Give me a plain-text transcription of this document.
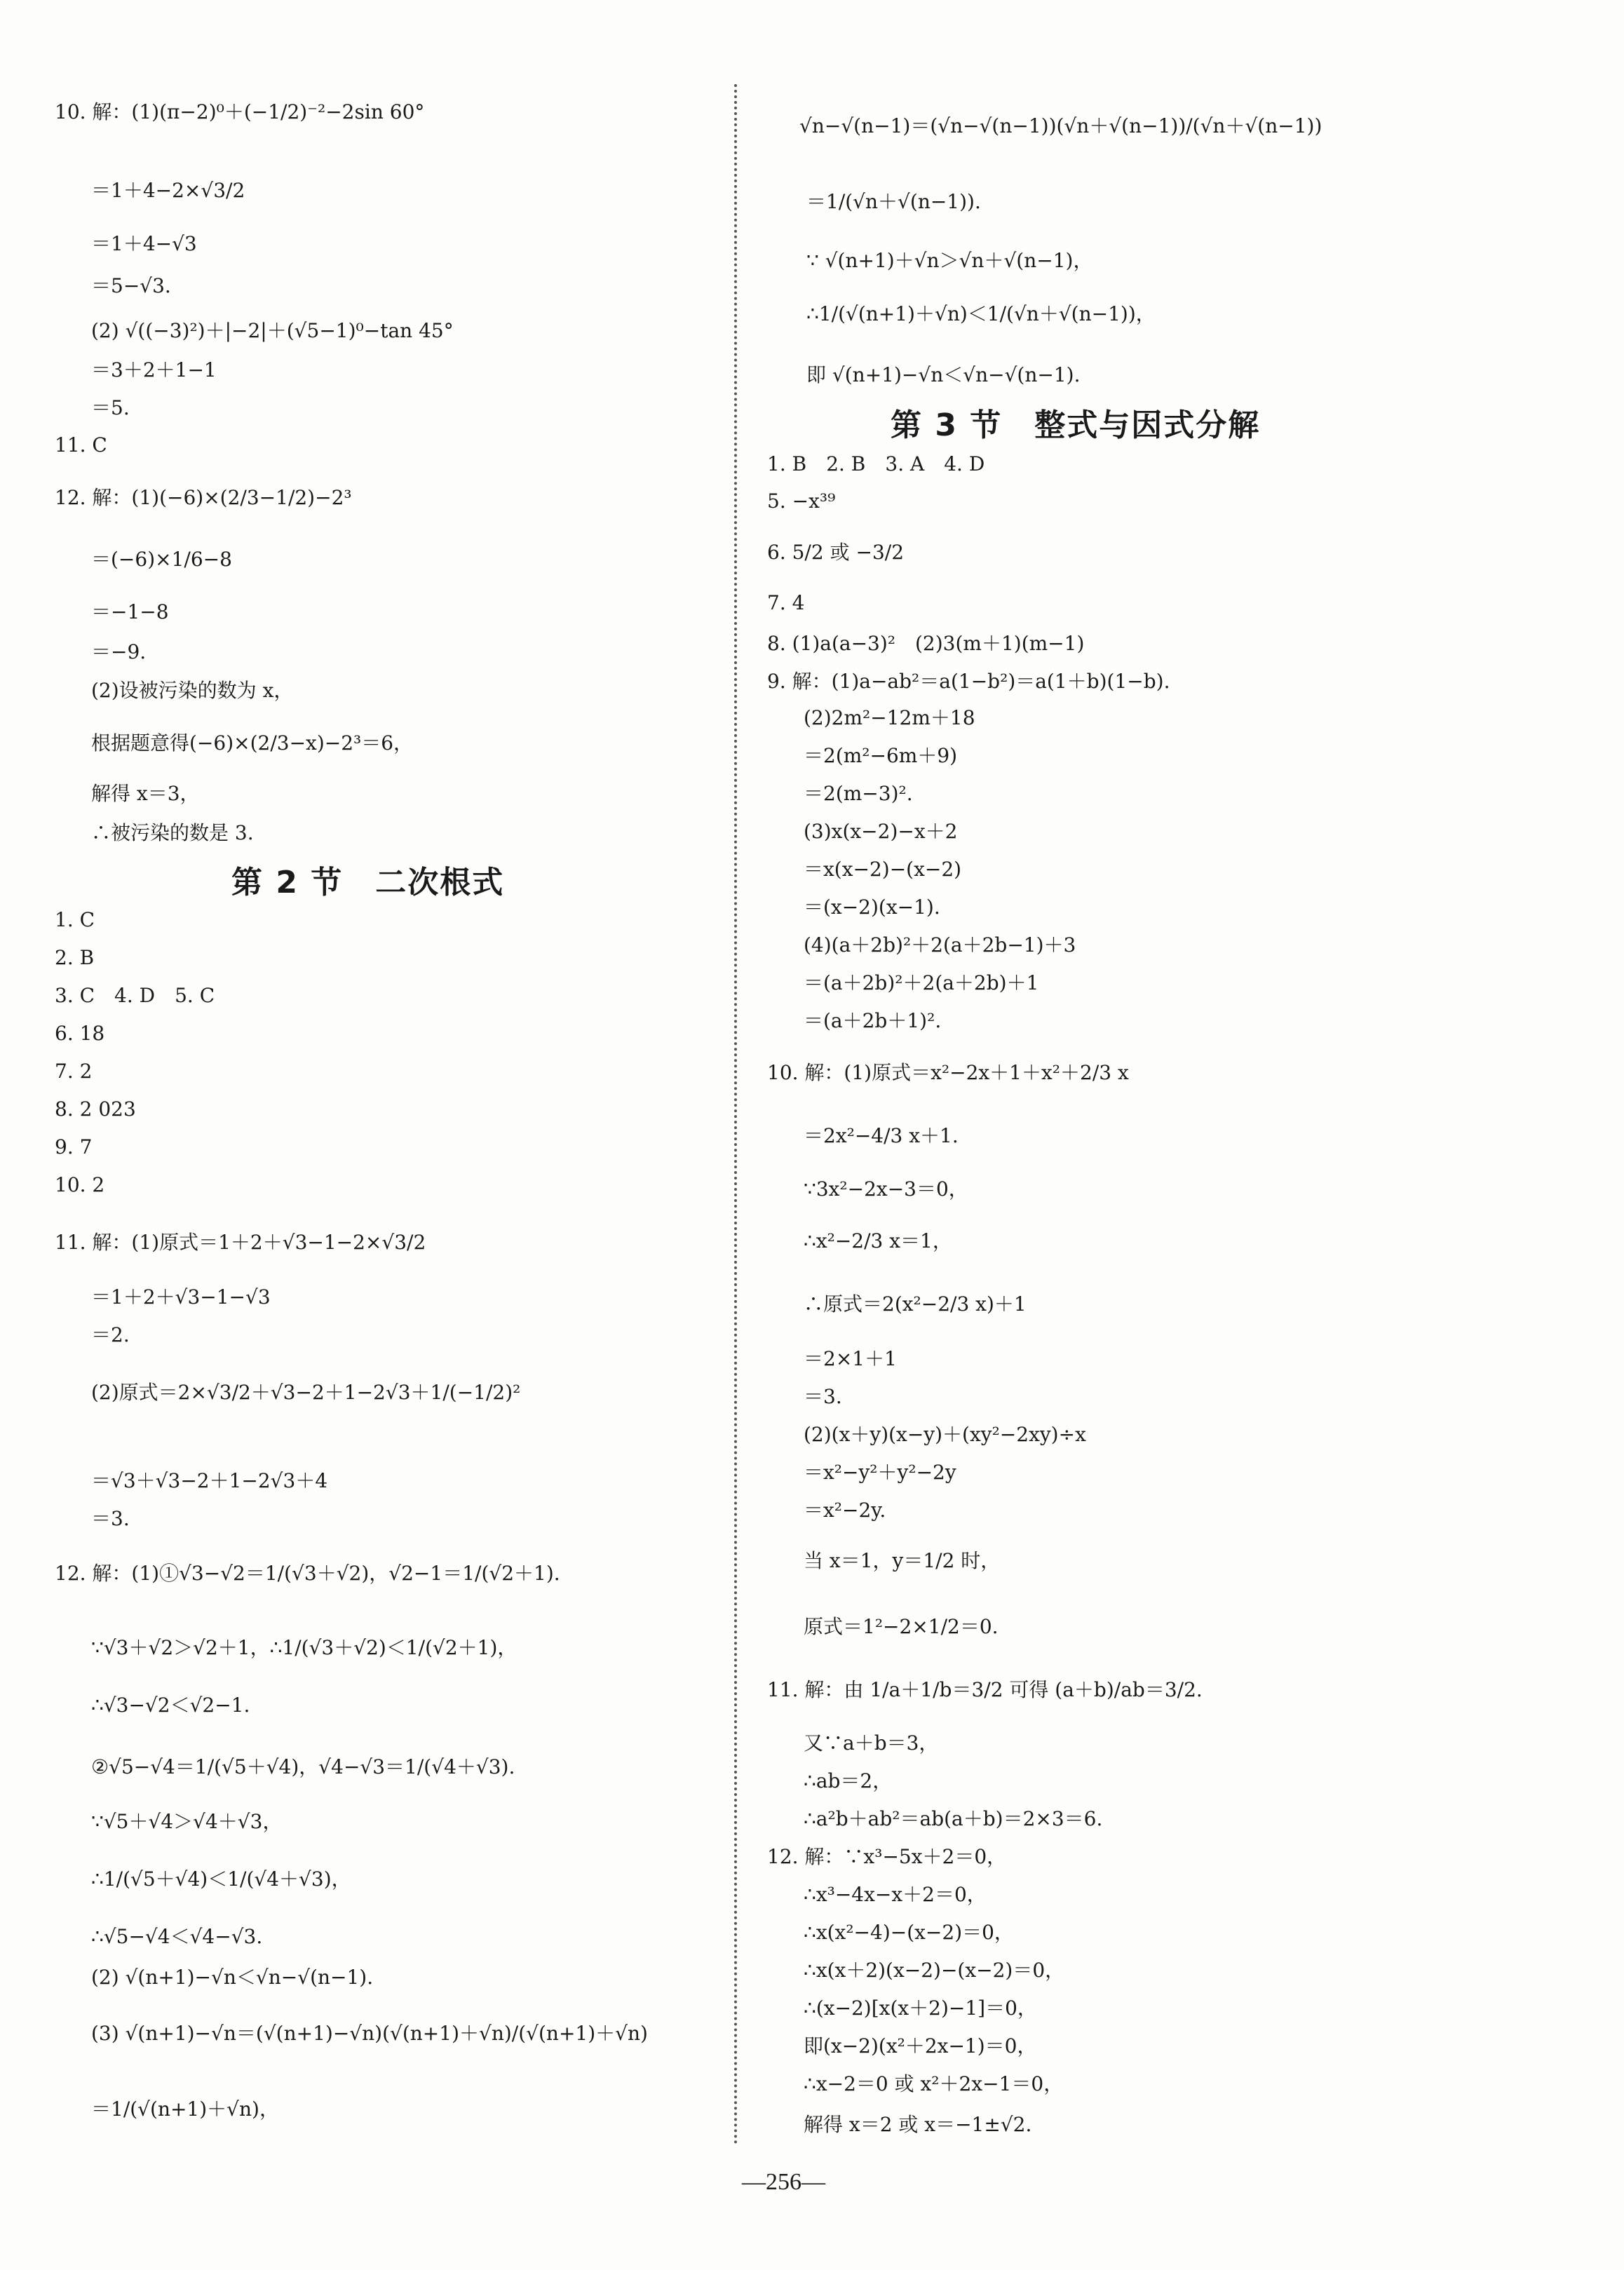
10. 解：(1)(π−2)⁰＋(−1/2)⁻²−2sin 60°
＝1＋4−2×√3/2
＝1＋4−√3
＝5−√3.
(2) √((−3)²)＋|−2|＋(√5−1)⁰−tan 45°
＝3＋2＋1−1
＝5.
11. C
12. 解：(1)(−6)×(2/3−1/2)−2³
＝(−6)×1/6−8
＝−1−8
＝−9.
(2)设被污染的数为 x，
根据题意得(−6)×(2/3−x)−2³＝6，
解得 x＝3，
∴被污染的数是 3.
第 2 节　二次根式
1. C
2. B
3. C　4. D　5. C
6. 18
7. 2
8. 2 023
9. 7
10. 2
11. 解：(1)原式＝1＋2＋√3−1−2×√3/2
＝1＋2＋√3−1−√3
＝2.
(2)原式＝2×√3/2＋√3−2＋1−2√3＋1/(−1/2)²
＝√3＋√3−2＋1−2√3＋4
＝3.
12. 解：(1)①√3−√2＝1/(√3＋√2)，√2−1＝1/(√2＋1).
∵√3＋√2＞√2＋1，∴1/(√3＋√2)＜1/(√2＋1)，
∴√3−√2＜√2−1.
②√5−√4＝1/(√5＋√4)，√4−√3＝1/(√4＋√3).
∵√5＋√4＞√4＋√3，
∴1/(√5＋√4)＜1/(√4＋√3)，
∴√5−√4＜√4−√3.
(2) √(n+1)−√n＜√n−√(n−1).
(3) √(n+1)−√n＝(√(n+1)−√n)(√(n+1)＋√n)/(√(n+1)＋√n)
＝1/(√(n+1)＋√n)，
√n−√(n−1)＝(√n−√(n−1))(√n＋√(n−1))/(√n＋√(n−1))
＝1/(√n＋√(n−1)).
∵ √(n+1)＋√n＞√n＋√(n−1)，
∴1/(√(n+1)＋√n)＜1/(√n＋√(n−1))，
即 √(n+1)−√n＜√n−√(n−1).
第 3 节　整式与因式分解
1. B　2. B　3. A　4. D
5. −x³⁹
6. 5/2 或 −3/2
7. 4
8. (1)a(a−3)²　(2)3(m＋1)(m−1)
9. 解：(1)a−ab²＝a(1−b²)＝a(1＋b)(1−b).
(2)2m²−12m＋18
＝2(m²−6m＋9)
＝2(m−3)².
(3)x(x−2)−x＋2
＝x(x−2)−(x−2)
＝(x−2)(x−1).
(4)(a＋2b)²＋2(a＋2b−1)＋3
＝(a＋2b)²＋2(a＋2b)＋1
＝(a＋2b＋1)².
10. 解：(1)原式＝x²−2x＋1＋x²＋2/3 x
＝2x²−4/3 x＋1.
∵3x²−2x−3＝0，
∴x²−2/3 x＝1，
∴原式＝2(x²−2/3 x)＋1
＝2×1＋1
＝3.
(2)(x＋y)(x−y)＋(xy²−2xy)÷x
＝x²−y²＋y²−2y
＝x²−2y.
当 x＝1，y＝1/2 时，
原式＝1²−2×1/2＝0.
11. 解：由 1/a＋1/b＝3/2 可得 (a＋b)/ab＝3/2.
又∵a＋b＝3，
∴ab＝2，
∴a²b＋ab²＝ab(a＋b)＝2×3＝6.
12. 解：∵x³−5x＋2＝0，
∴x³−4x−x＋2＝0，
∴x(x²−4)−(x−2)＝0，
∴x(x＋2)(x−2)−(x−2)＝0，
∴(x−2)[x(x＋2)−1]＝0，
即(x−2)(x²＋2x−1)＝0，
∴x−2＝0 或 x²＋2x−1＝0，
解得 x＝2 或 x＝−1±√2.
—256—
